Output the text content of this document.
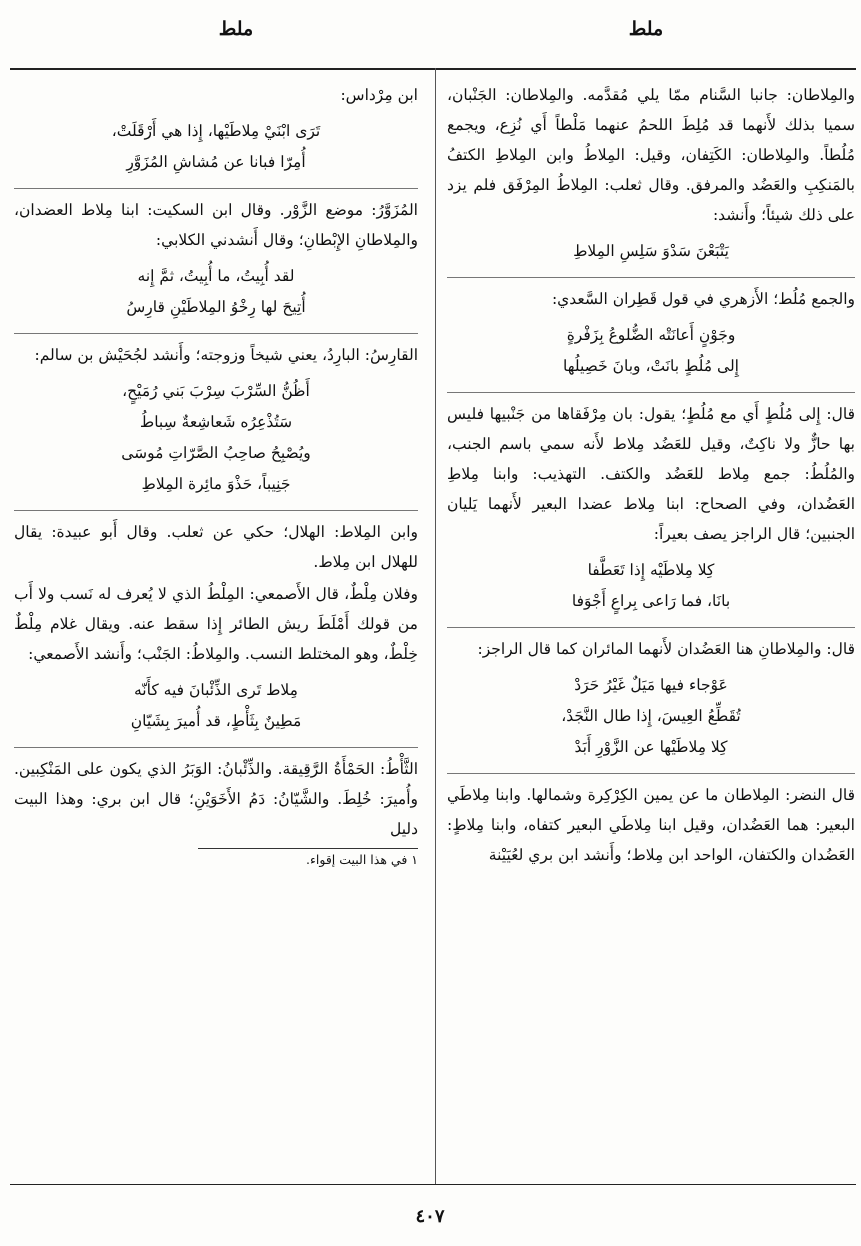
ملط
ملط

والمِلاطان: جانبا السَّنام ممّا يلي مُقدَّمه. والمِلاطان: الجَنْبان، سميا بذلك لأَنهما قد مُلِطَ اللحمُ عنهما مَلْطاً أَي نُزِع، ويجمع مُلُطاً. والمِلاطان: الكَتِفان، وقيل: المِلاطُ وابن المِلاطِ الكتفُ بالمَنكِبِ والعَضُد والمرفق. وقال ثعلب: المِلاطُ المِرْفَق فلم يزد على ذلك شيئاً؛ وأَنشد:

يَتْبَعْنَ سَدْوَ سَلِسِ المِلاطِ

والجمع مُلُط؛ الأَزهري في قول قَطِران السَّعدي:

وجَوْنٍ أَعانَتْه الضُّلوعُ بِزَفْرةٍ
إِلى مُلُطٍ بانَتْ، وبانَ خَصِيلُها

قال: إِلى مُلُطٍ أَي مع مُلُطٍ؛ يقول: بان مِرْفَقاها من جَنْبيها فليس بها حازٌّ ولا ناكِتٌ، وقيل للعَضُد مِلاط لأَنه سمي باسم الجنب، والمُلُطُ: جمع مِلاط للعَضُد والكتف. التهذيب: وابنا مِلاطِ العَضُدان، وفي الصحاح: ابنا مِلاط عضدا البعير لأَنهما يَليان الجنبين؛ قال الراجز يصف بعيراً:

كِلا مِلاطَيْه إِذا تَعَطَّفا
بانَا، فما رَاعى بِراعٍ أَجْوَفا

قال: والمِلاطانِ هنا العَضُدان لأَنهما المائران كما قال الراجز:

عَوْجاء فيها مَيَلٌ غَيْرُ حَرَدْ
تُقَطِّعُ العِيسَ، إِذا طال النَّجَدْ،
كِلا مِلاطَيْها عن الزَّوْرِ أَبَدْ

قال النضر: المِلاطان ما عن يمين الكِرْكِرة وشمالها. وابنا مِلاطَي البعير: هما العَضُدان، وقيل ابنا مِلاطَي البعير كتفاه، وابنا مِلاطٍ: العَضُدان والكتفان، الواحد ابن مِلاط؛ وأَنشد ابن بري لعُيَيْنة

ابن مِرْداس:

تَرَى ابْنَيْ مِلاطَيْها، إِذا هي أَرْقَلَتْ،
أُمِرّا فبانا عن مُشاشِ المُزَوَّرِ

المُزَوَّرُ: موضع الزَّوْر. وقال ابن السكيت: ابنا مِلاط العضدان، والمِلاطانِ الإِبْطانِ؛ وقال أَنشدني الكلابي:

لقد أُبِيتُ، ما أُبِيتُ، ثمَّ إِنه
أُتِيحَ لها رِخْوُ المِلاطَيْنِ قارِسُ

القارِسُ: البارِدُ، يعني شيخاً وزوجته؛ وأَنشد لجُحَيْش بن سالم:

أَظُنُّ السِّرْبَ سِرْبَ بَني رُمَيْحٍ،
سَتُذْعِرُه شَعاشِعةٌ سِباطُ
ويُصْبِحُ صاحِبُ الصَّرّاتِ مُوسَى
جَنِيباً، حَذْوَ مائِرة المِلاطِ

وابن المِلاط: الهلال؛ حكي عن ثعلب. وقال أَبو عبيدة: يقال للهلال ابن مِلاط.

وفلان مِلْطٌ، قال الأَصمعي: المِلْطُ الذي لا يُعرف له نَسب ولا أَب من قولك أَمْلَطَ ريش الطائر إِذا سقط عنه. ويقال غلام مِلْطٌ خِلْطٌ، وهو المختلط النسب. والمِلاطُ: الجَنْب؛ وأَنشد الأَصمعي:

مِلاط تَرى الذِّئْبانَ فيه كأَنّه
مَطِينٌ بِثَأْطٍ، قد أُميرَ بِشَيّانِ

الثَّأْطُ: الحَمْأَةُ الرَّقِيقة. والذِّئْبانُ: الوَبَرُ الذي يكون على المَنْكِبين. وأُميرَ: خُلِطَ. والشَّيّانُ: دَمُ الأَخَوَيْنِ؛ قال ابن بري: وهذا البيت دليل

١ في هذا البيت إقواء.
٤٠٧
